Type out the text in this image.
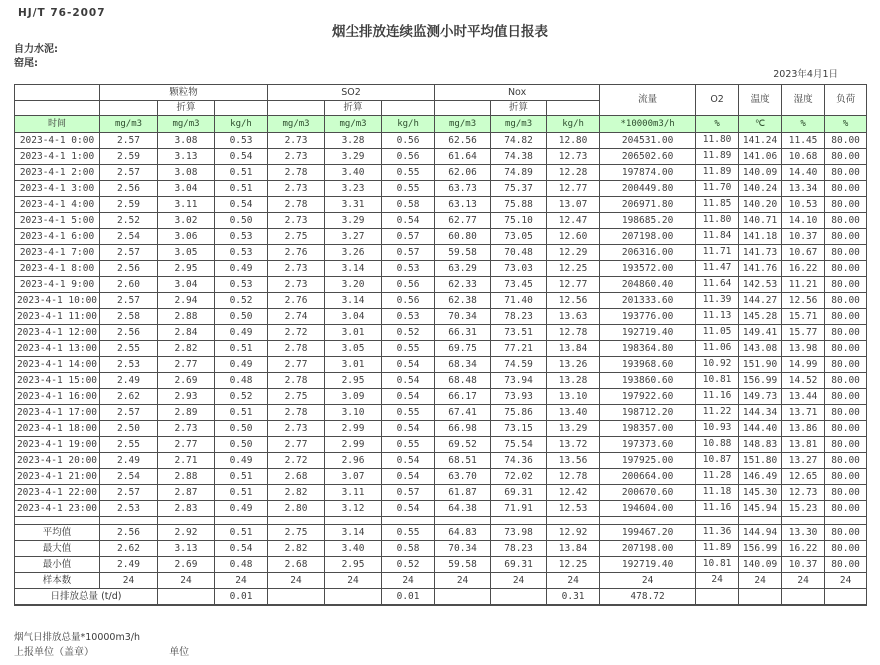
HJ/T 76-2007
烟尘排放连续监测小时平均值日报表
自力水泥:
窑尾:
2023年4月1日
	颗粒物			SO2			Nox			流量	O2	温度	湿度	负荷
		折算			折算			折算						
时间	mg/m3	mg/m3	kg/h	mg/m3	mg/m3	kg/h	mg/m3	mg/m3	kg/h	*10000m3/h	%	℃	%	%
2023-4-1 0:00	2.57	3.08	0.53	2.73	3.28	0.56	62.56	74.82	12.80	204531.00	11.80	141.24	11.45	80.00
2023-4-1 1:00	2.59	3.13	0.54	2.73	3.29	0.56	61.64	74.38	12.73	206502.60	11.89	141.06	10.68	80.00
2023-4-1 2:00	2.57	3.08	0.51	2.78	3.40	0.55	62.06	74.89	12.28	197874.00	11.89	140.09	14.40	80.00
2023-4-1 3:00	2.56	3.04	0.51	2.73	3.23	0.55	63.73	75.37	12.77	200449.80	11.70	140.24	13.34	80.00
2023-4-1 4:00	2.59	3.11	0.54	2.78	3.31	0.58	63.13	75.88	13.07	206971.80	11.85	140.20	10.53	80.00
2023-4-1 5:00	2.52	3.02	0.50	2.73	3.29	0.54	62.77	75.10	12.47	198685.20	11.80	140.71	14.10	80.00
2023-4-1 6:00	2.54	3.06	0.53	2.75	3.27	0.57	60.80	73.05	12.60	207198.00	11.84	141.18	10.37	80.00
2023-4-1 7:00	2.57	3.05	0.53	2.76	3.26	0.57	59.58	70.48	12.29	206316.00	11.71	141.73	10.67	80.00
2023-4-1 8:00	2.56	2.95	0.49	2.73	3.14	0.53	63.29	73.03	12.25	193572.00	11.47	141.76	16.22	80.00
2023-4-1 9:00	2.60	3.04	0.53	2.73	3.20	0.56	62.33	73.45	12.77	204860.40	11.64	142.53	11.21	80.00
2023-4-1 10:00	2.57	2.94	0.52	2.76	3.14	0.56	62.38	71.40	12.56	201333.60	11.39	144.27	12.56	80.00
2023-4-1 11:00	2.58	2.88	0.50	2.74	3.04	0.53	70.34	78.23	13.63	193776.00	11.13	145.28	15.71	80.00
2023-4-1 12:00	2.56	2.84	0.49	2.72	3.01	0.52	66.31	73.51	12.78	192719.40	11.05	149.41	15.77	80.00
2023-4-1 13:00	2.55	2.82	0.51	2.78	3.05	0.55	69.75	77.21	13.84	198364.80	11.06	143.08	13.98	80.00
2023-4-1 14:00	2.53	2.77	0.49	2.77	3.01	0.54	68.34	74.59	13.26	193968.60	10.92	151.90	14.99	80.00
2023-4-1 15:00	2.49	2.69	0.48	2.78	2.95	0.54	68.48	73.94	13.28	193860.60	10.81	156.99	14.52	80.00
2023-4-1 16:00	2.62	2.93	0.52	2.75	3.09	0.54	66.17	73.93	13.10	197922.60	11.16	149.73	13.44	80.00
2023-4-1 17:00	2.57	2.89	0.51	2.78	3.10	0.55	67.41	75.86	13.40	198712.20	11.22	144.34	13.71	80.00
2023-4-1 18:00	2.50	2.73	0.50	2.73	2.99	0.54	66.98	73.15	13.29	198357.00	10.93	144.40	13.86	80.00
2023-4-1 19:00	2.55	2.77	0.50	2.77	2.99	0.55	69.52	75.54	13.72	197373.60	10.88	148.83	13.81	80.00
2023-4-1 20:00	2.49	2.71	0.49	2.72	2.96	0.54	68.51	74.36	13.56	197925.00	10.87	151.80	13.27	80.00
2023-4-1 21:00	2.54	2.88	0.51	2.68	3.07	0.54	63.70	72.02	12.78	200664.00	11.28	146.49	12.65	80.00
2023-4-1 22:00	2.57	2.87	0.51	2.82	3.11	0.57	61.87	69.31	12.42	200670.60	11.18	145.30	12.73	80.00
2023-4-1 23:00	2.53	2.83	0.49	2.80	3.12	0.54	64.38	71.91	12.53	194604.00	11.16	145.94	15.23	80.00

平均值	2.56	2.92	0.51	2.75	3.14	0.55	64.83	73.98	12.92	199467.20	11.36	144.94	13.30	80.00
最大值	2.62	3.13	0.54	2.82	3.40	0.58	70.34	78.23	13.84	207198.00	11.89	156.99	16.22	80.00
最小值	2.49	2.69	0.48	2.68	2.95	0.52	59.58	69.31	12.25	192719.40	10.81	140.09	10.37	80.00
样本数	24	24	24	24	24	24	24	24	24	24	24	24	24	24
日排放总量 (t/d)			0.01			0.01			0.31	478.72				
烟气日排放总量*10000m3/h
上报单位（盖章）	单位
